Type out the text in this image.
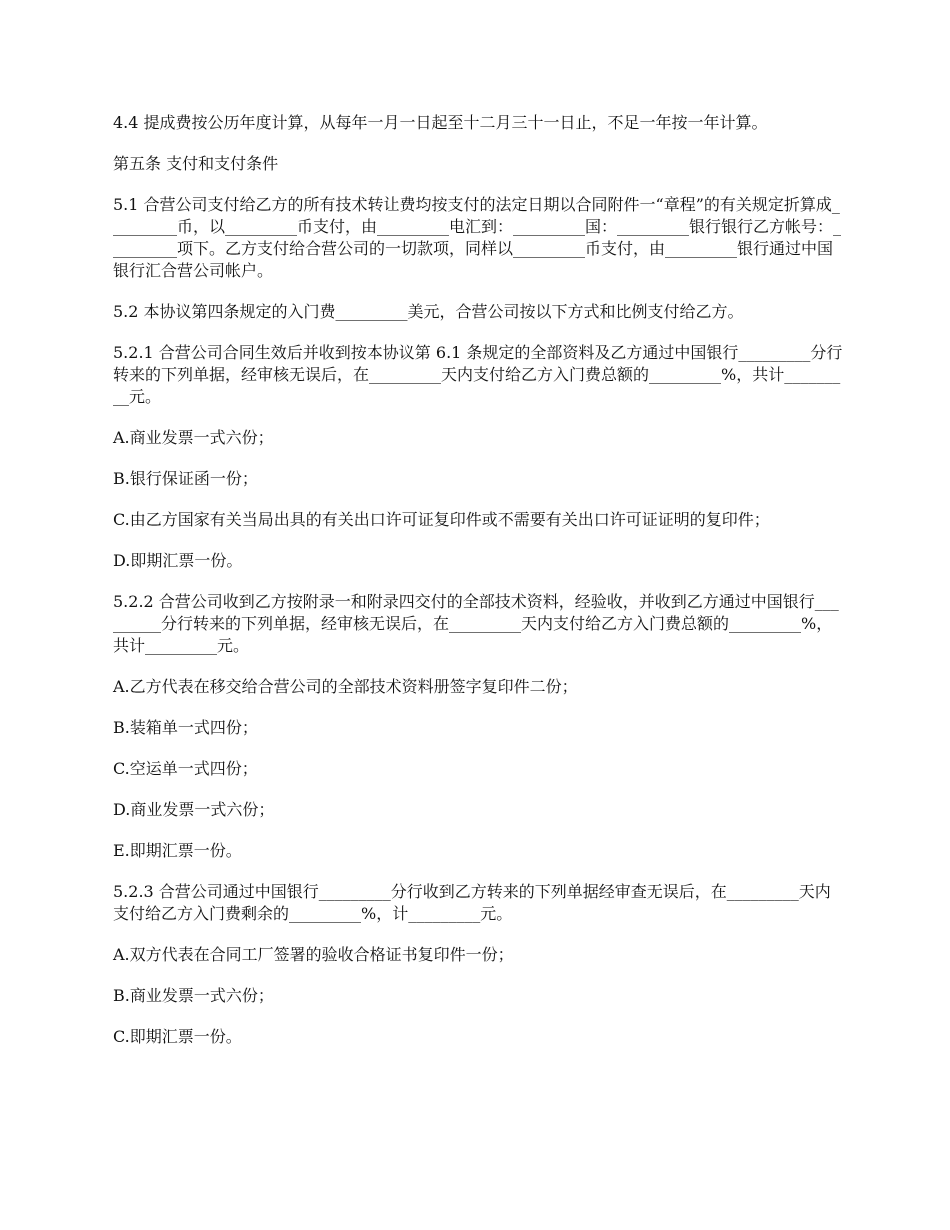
4.4 提成费按公历年度计算，从每年一月一日起至十二月三十一日止，不足一年按一年计算。

第五条 支付和支付条件

5.1 合营公司支付给乙方的所有技术转让费均按支付的法定日期以合同附件一“章程”的有关规定折算成_________币，以_________币支付，由_________电汇到：_________国：_________银行银行乙方帐号：_________项下。乙方支付给合营公司的一切款项，同样以_________币支付，由_________银行通过中国银行汇合营公司帐户。

5.2 本协议第四条规定的入门费_________美元，合营公司按以下方式和比例支付给乙方。

5.2.1 合营公司合同生效后并收到按本协议第 6.1 条规定的全部资料及乙方通过中国银行_________分行转来的下列单据，经审核无误后，在_________天内支付给乙方入门费总额的_________%，共计_________元。

A.商业发票一式六份；

B.银行保证函一份；

C.由乙方国家有关当局出具的有关出口许可证复印件或不需要有关出口许可证证明的复印件；

D.即期汇票一份。

5.2.2 合营公司收到乙方按附录一和附录四交付的全部技术资料，经验收，并收到乙方通过中国银行_________分行转来的下列单据，经审核无误后，在_________天内支付给乙方入门费总额的_________%，共计_________元。

A.乙方代表在移交给合营公司的全部技术资料册签字复印件二份；

B.装箱单一式四份；

C.空运单一式四份；

D.商业发票一式六份；

E.即期汇票一份。

5.2.3 合营公司通过中国银行_________分行收到乙方转来的下列单据经审查无误后，在_________天内支付给乙方入门费剩余的_________%，计_________元。

A.双方代表在合同工厂签署的验收合格证书复印件一份；

B.商业发票一式六份；

C.即期汇票一份。
